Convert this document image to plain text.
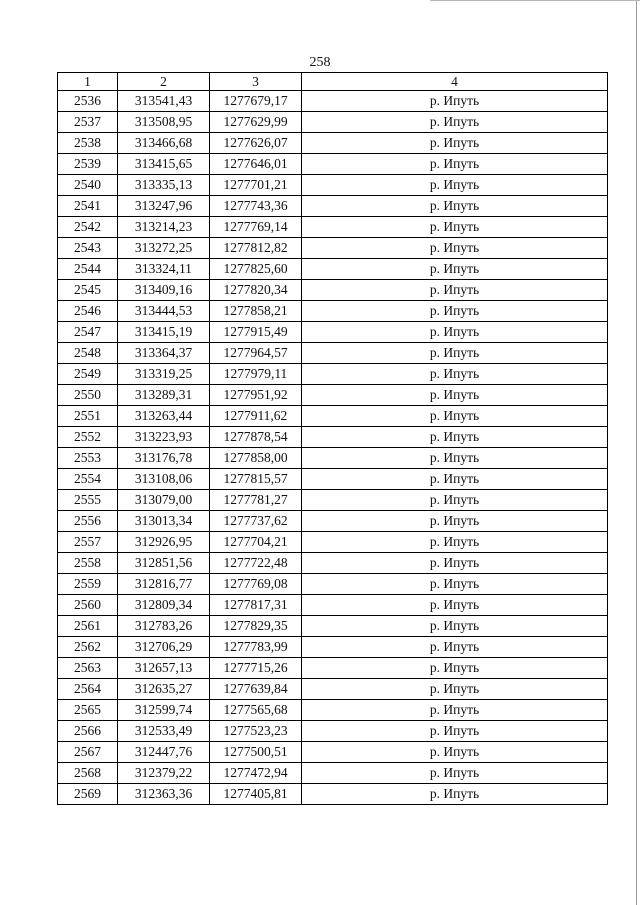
258
1	2	3	4
2536	313541,43	1277679,17	р. Ипуть
2537	313508,95	1277629,99	р. Ипуть
2538	313466,68	1277626,07	р. Ипуть
2539	313415,65	1277646,01	р. Ипуть
2540	313335,13	1277701,21	р. Ипуть
2541	313247,96	1277743,36	р. Ипуть
2542	313214,23	1277769,14	р. Ипуть
2543	313272,25	1277812,82	р. Ипуть
2544	313324,11	1277825,60	р. Ипуть
2545	313409,16	1277820,34	р. Ипуть
2546	313444,53	1277858,21	р. Ипуть
2547	313415,19	1277915,49	р. Ипуть
2548	313364,37	1277964,57	р. Ипуть
2549	313319,25	1277979,11	р. Ипуть
2550	313289,31	1277951,92	р. Ипуть
2551	313263,44	1277911,62	р. Ипуть
2552	313223,93	1277878,54	р. Ипуть
2553	313176,78	1277858,00	р. Ипуть
2554	313108,06	1277815,57	р. Ипуть
2555	313079,00	1277781,27	р. Ипуть
2556	313013,34	1277737,62	р. Ипуть
2557	312926,95	1277704,21	р. Ипуть
2558	312851,56	1277722,48	р. Ипуть
2559	312816,77	1277769,08	р. Ипуть
2560	312809,34	1277817,31	р. Ипуть
2561	312783,26	1277829,35	р. Ипуть
2562	312706,29	1277783,99	р. Ипуть
2563	312657,13	1277715,26	р. Ипуть
2564	312635,27	1277639,84	р. Ипуть
2565	312599,74	1277565,68	р. Ипуть
2566	312533,49	1277523,23	р. Ипуть
2567	312447,76	1277500,51	р. Ипуть
2568	312379,22	1277472,94	р. Ипуть
2569	312363,36	1277405,81	р. Ипуть
